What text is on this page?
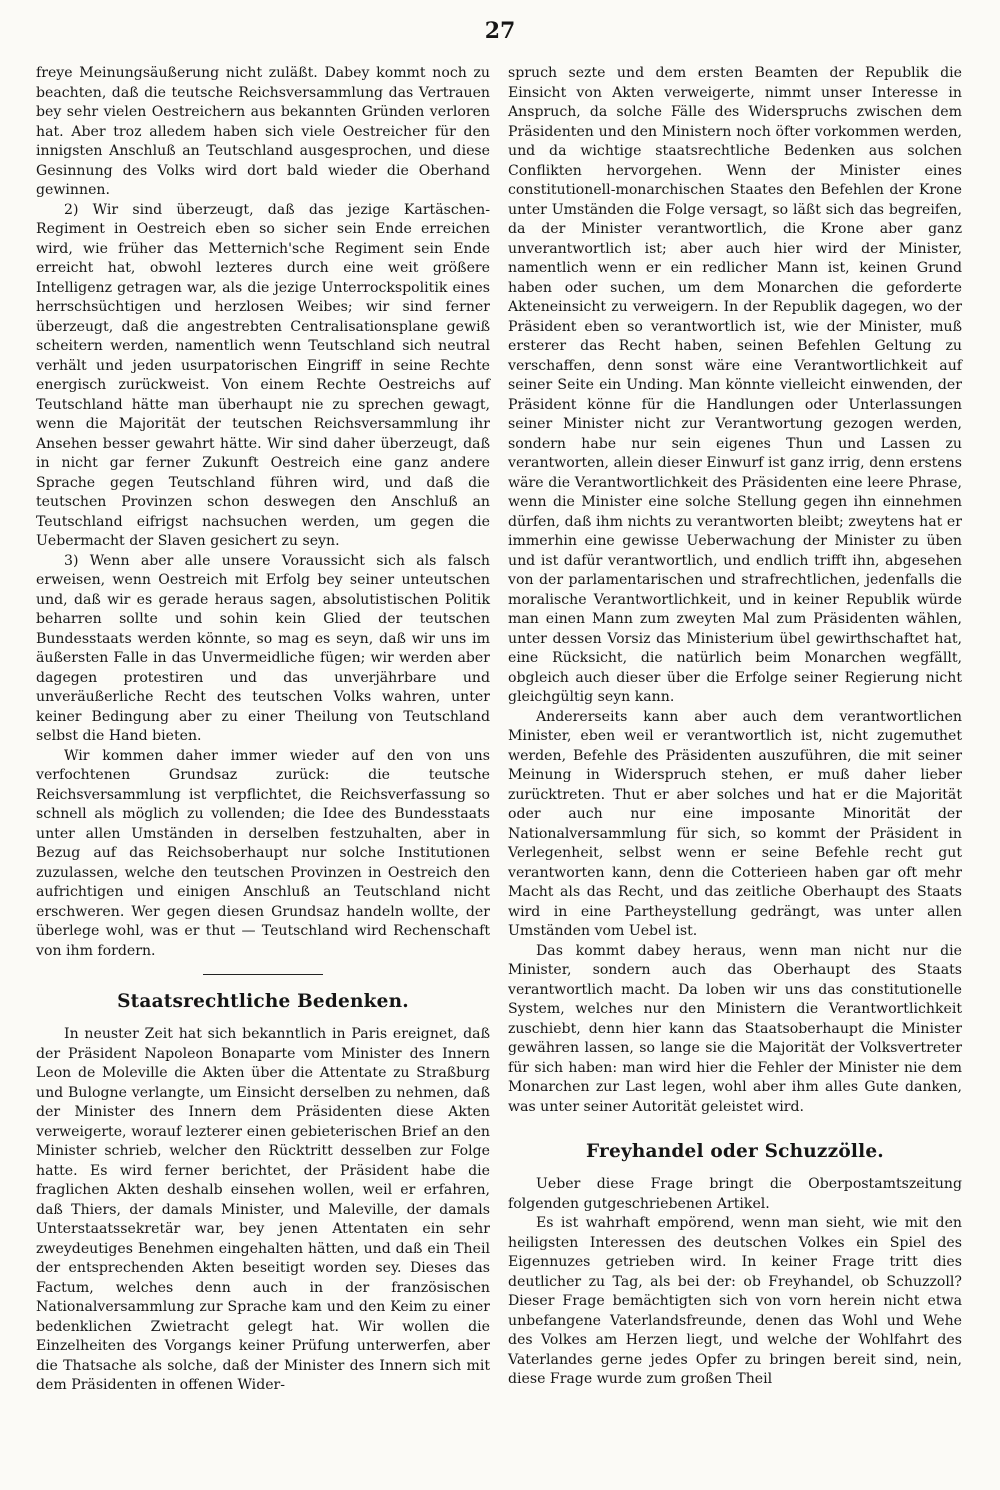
27

freye Meinungsäußerung nicht zuläßt. Dabey kommt noch zu beachten, daß die teutsche Reichsversammlung das Vertrauen bey sehr vielen Oestreichern aus bekannten Gründen verloren hat. Aber troz alledem haben sich viele Oestreicher für den innigsten Anschluß an Teutschland ausgesprochen, und diese Gesinnung des Volks wird dort bald wieder die Oberhand gewinnen.

2) Wir sind überzeugt, daß das jezige Kartäschen-Regiment in Oestreich eben so sicher sein Ende erreichen wird, wie früher das Metternich'sche Regiment sein Ende erreicht hat, obwohl lezteres durch eine weit größere Intelligenz getragen war, als die jezige Unterrockspolitik eines herrschsüchtigen und herzlosen Weibes; wir sind ferner überzeugt, daß die angestrebten Centralisationsplane gewiß scheitern werden, namentlich wenn Teutschland sich neutral verhält und jeden usurpatorischen Eingriff in seine Rechte energisch zurückweist. Von einem Rechte Oestreichs auf Teutschland hätte man überhaupt nie zu sprechen gewagt, wenn die Majorität der teutschen Reichsversammlung ihr Ansehen besser gewahrt hätte. Wir sind daher überzeugt, daß in nicht gar ferner Zukunft Oestreich eine ganz andere Sprache gegen Teutschland führen wird, und daß die teutschen Provinzen schon deswegen den Anschluß an Teutschland eifrigst nachsuchen werden, um gegen die Uebermacht der Slaven gesichert zu seyn.

3) Wenn aber alle unsere Voraussicht sich als falsch erweisen, wenn Oestreich mit Erfolg bey seiner unteutschen und, daß wir es gerade heraus sagen, absolutistischen Politik beharren sollte und sohin kein Glied der teutschen Bundesstaats werden könnte, so mag es seyn, daß wir uns im äußersten Falle in das Unvermeidliche fügen; wir werden aber dagegen protestiren und das unverjährbare und unveräußerliche Recht des teutschen Volks wahren, unter keiner Bedingung aber zu einer Theilung von Teutschland selbst die Hand bieten.

Wir kommen daher immer wieder auf den von uns verfochtenen Grundsaz zurück: die teutsche Reichsversammlung ist verpflichtet, die Reichsverfassung so schnell als möglich zu vollenden; die Idee des Bundesstaats unter allen Umständen in derselben festzuhalten, aber in Bezug auf das Reichsoberhaupt nur solche Institutionen zuzulassen, welche den teutschen Provinzen in Oestreich den aufrichtigen und einigen Anschluß an Teutschland nicht erschweren. Wer gegen diesen Grundsaz handeln wollte, der überlege wohl, was er thut — Teutschland wird Rechenschaft von ihm fordern.

Staatsrechtliche Bedenken.

In neuster Zeit hat sich bekanntlich in Paris ereignet, daß der Präsident Napoleon Bonaparte vom Minister des Innern Leon de Moleville die Akten über die Attentate zu Straßburg und Bulogne verlangte, um Einsicht derselben zu nehmen, daß der Minister des Innern dem Präsidenten diese Akten verweigerte, worauf lezterer einen gebieterischen Brief an den Minister schrieb, welcher den Rücktritt desselben zur Folge hatte. Es wird ferner berichtet, der Präsident habe die fraglichen Akten deshalb einsehen wollen, weil er erfahren, daß Thiers, der damals Minister, und Maleville, der damals Unterstaatssekretär war, bey jenen Attentaten ein sehr zweydeutiges Benehmen eingehalten hätten, und daß ein Theil der entsprechenden Akten beseitigt worden sey. Dieses das Factum, welches denn auch in der französischen Nationalversammlung zur Sprache kam und den Keim zu einer bedenklichen Zwietracht gelegt hat. Wir wollen die Einzelheiten des Vorgangs keiner Prüfung unterwerfen, aber die Thatsache als solche, daß der Minister des Innern sich mit dem Präsidenten in offenen Wider-

spruch sezte und dem ersten Beamten der Republik die Einsicht von Akten verweigerte, nimmt unser Interesse in Anspruch, da solche Fälle des Widerspruchs zwischen dem Präsidenten und den Ministern noch öfter vorkommen werden, und da wichtige staatsrechtliche Bedenken aus solchen Conflikten hervorgehen. Wenn der Minister eines constitutionell-monarchischen Staates den Befehlen der Krone unter Umständen die Folge versagt, so läßt sich das begreifen, da der Minister verantwortlich, die Krone aber ganz unverantwortlich ist; aber auch hier wird der Minister, namentlich wenn er ein redlicher Mann ist, keinen Grund haben oder suchen, um dem Monarchen die geforderte Akteneinsicht zu verweigern. In der Republik dagegen, wo der Präsident eben so verantwortlich ist, wie der Minister, muß ersterer das Recht haben, seinen Befehlen Geltung zu verschaffen, denn sonst wäre eine Verantwortlichkeit auf seiner Seite ein Unding. Man könnte vielleicht einwenden, der Präsident könne für die Handlungen oder Unterlassungen seiner Minister nicht zur Verantwortung gezogen werden, sondern habe nur sein eigenes Thun und Lassen zu verantworten, allein dieser Einwurf ist ganz irrig, denn erstens wäre die Verantwortlichkeit des Präsidenten eine leere Phrase, wenn die Minister eine solche Stellung gegen ihn einnehmen dürfen, daß ihm nichts zu verantworten bleibt; zweytens hat er immerhin eine gewisse Ueberwachung der Minister zu üben und ist dafür verantwortlich, und endlich trifft ihn, abgesehen von der parlamentarischen und strafrechtlichen, jedenfalls die moralische Verantwortlichkeit, und in keiner Republik würde man einen Mann zum zweyten Mal zum Präsidenten wählen, unter dessen Vorsiz das Ministerium übel gewirthschaftet hat, eine Rücksicht, die natürlich beim Monarchen wegfällt, obgleich auch dieser über die Erfolge seiner Regierung nicht gleichgültig seyn kann.

Andererseits kann aber auch dem verantwortlichen Minister, eben weil er verantwortlich ist, nicht zugemuthet werden, Befehle des Präsidenten auszuführen, die mit seiner Meinung in Widerspruch stehen, er muß daher lieber zurücktreten. Thut er aber solches und hat er die Majorität oder auch nur eine imposante Minorität der Nationalversammlung für sich, so kommt der Präsident in Verlegenheit, selbst wenn er seine Befehle recht gut verantworten kann, denn die Cotterieen haben gar oft mehr Macht als das Recht, und das zeitliche Oberhaupt des Staats wird in eine Partheystellung gedrängt, was unter allen Umständen vom Uebel ist.

Das kommt dabey heraus, wenn man nicht nur die Minister, sondern auch das Oberhaupt des Staats verantwortlich macht. Da loben wir uns das constitutionelle System, welches nur den Ministern die Verantwortlichkeit zuschiebt, denn hier kann das Staatsoberhaupt die Minister gewähren lassen, so lange sie die Majorität der Volksvertreter für sich haben: man wird hier die Fehler der Minister nie dem Monarchen zur Last legen, wohl aber ihm alles Gute danken, was unter seiner Autorität geleistet wird.

Freyhandel oder Schuzzölle.

Ueber diese Frage bringt die Oberpostamtszeitung folgenden gutgeschriebenen Artikel.

Es ist wahrhaft empörend, wenn man sieht, wie mit den heiligsten Interessen des deutschen Volkes ein Spiel des Eigennuzes getrieben wird. In keiner Frage tritt dies deutlicher zu Tag, als bei der: ob Freyhandel, ob Schuzzoll? Dieser Frage bemächtigten sich von vorn herein nicht etwa unbefangene Vaterlandsfreunde, denen das Wohl und Wehe des Volkes am Herzen liegt, und welche der Wohlfahrt des Vaterlandes gerne jedes Opfer zu bringen bereit sind, nein, diese Frage wurde zum großen Theil
